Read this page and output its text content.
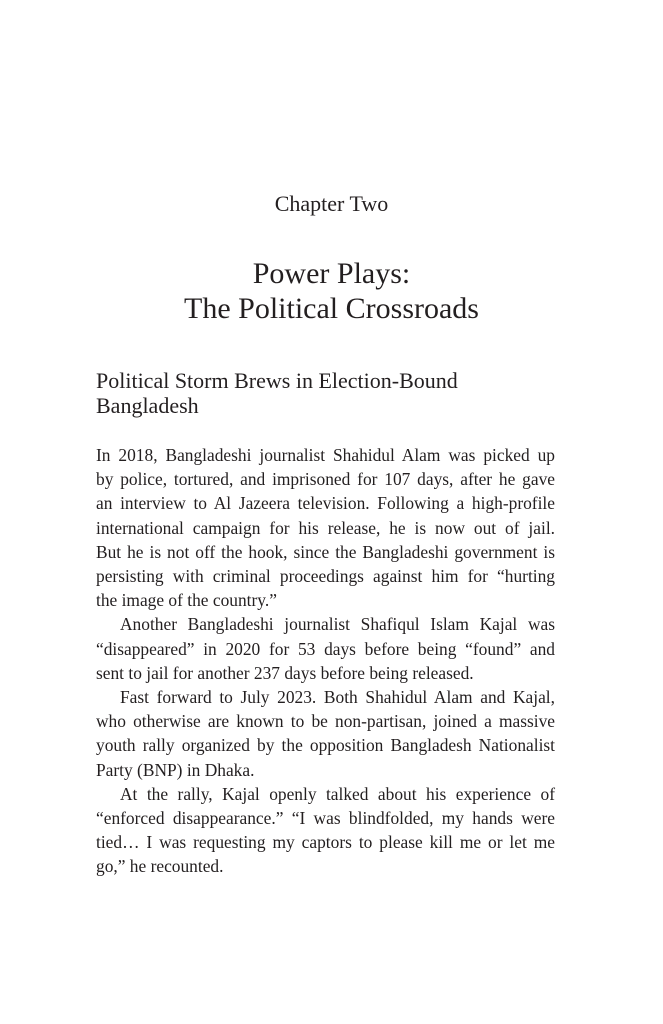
Chapter Two
Power Plays:
The Political Crossroads
Political Storm Brews in Election-Bound
Bangladesh
In 2018, Bangladeshi journalist Shahidul Alam was picked up
by police, tortured, and imprisoned for 107 days, after he gave
an interview to Al Jazeera television. Following a high-profile
international campaign for his release, he is now out of jail.
But he is not off the hook, since the Bangladeshi government is
persisting with criminal proceedings against him for “hurting
the image of the country.”
Another Bangladeshi journalist Shafiqul Islam Kajal was
“disappeared” in 2020 for 53 days before being “found” and
sent to jail for another 237 days before being released.
Fast forward to July 2023. Both Shahidul Alam and Kajal,
who otherwise are known to be non-partisan, joined a massive
youth rally organized by the opposition Bangladesh Nationalist
Party (BNP) in Dhaka.
At the rally, Kajal openly talked about his experience of
“enforced disappearance.” “I was blindfolded, my hands were
tied… I was requesting my captors to please kill me or let me
go,” he recounted.
